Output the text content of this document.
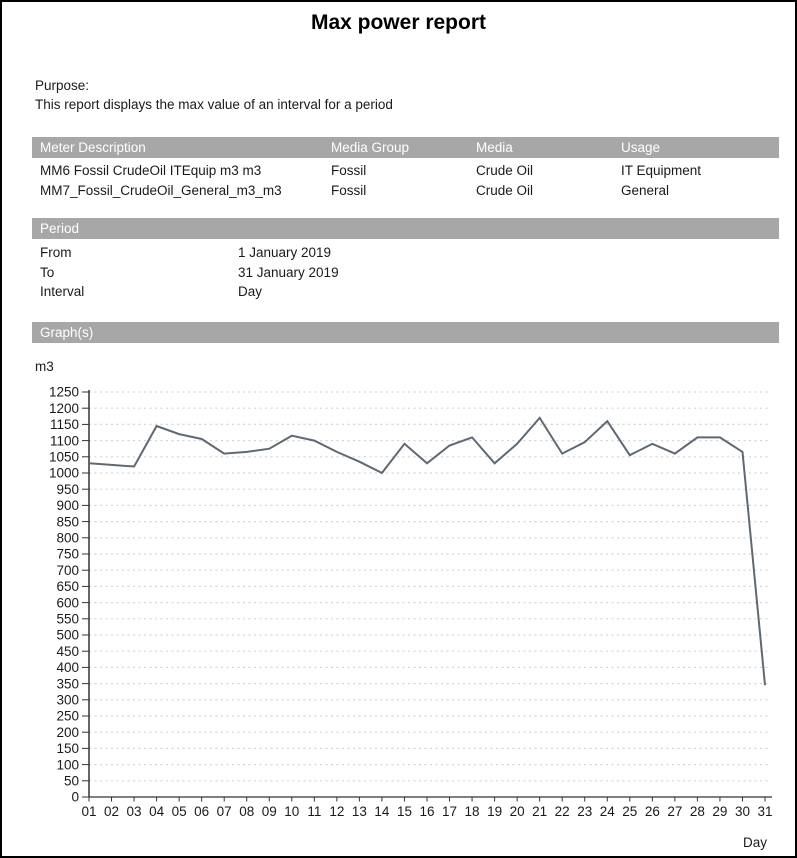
Max power report
Purpose:
This report displays the max value of an interval for a period
Meter Description	Media Group	Media	Usage
MM6 Fossil CrudeOil ITEquip m3 m3	Fossil	Crude Oil	IT Equipment
MM7_Fossil_CrudeOil_General_m3_m3	Fossil	Crude Oil	General
Period
From	1 January 2019
To	31 January 2019
Interval	Day
Graph(s)
m3
0
50
100
150
200
250
300
350
400
450
500
550
600
650
700
750
800
850
900
950
1000
1050
1100
1150
1200
1250
01 02 03 04 05 06 07 08 09 10 11 12 13 14 15 16 17 18 19 20 21 22 23 24 25 26 27 28 29 30 31
Day
